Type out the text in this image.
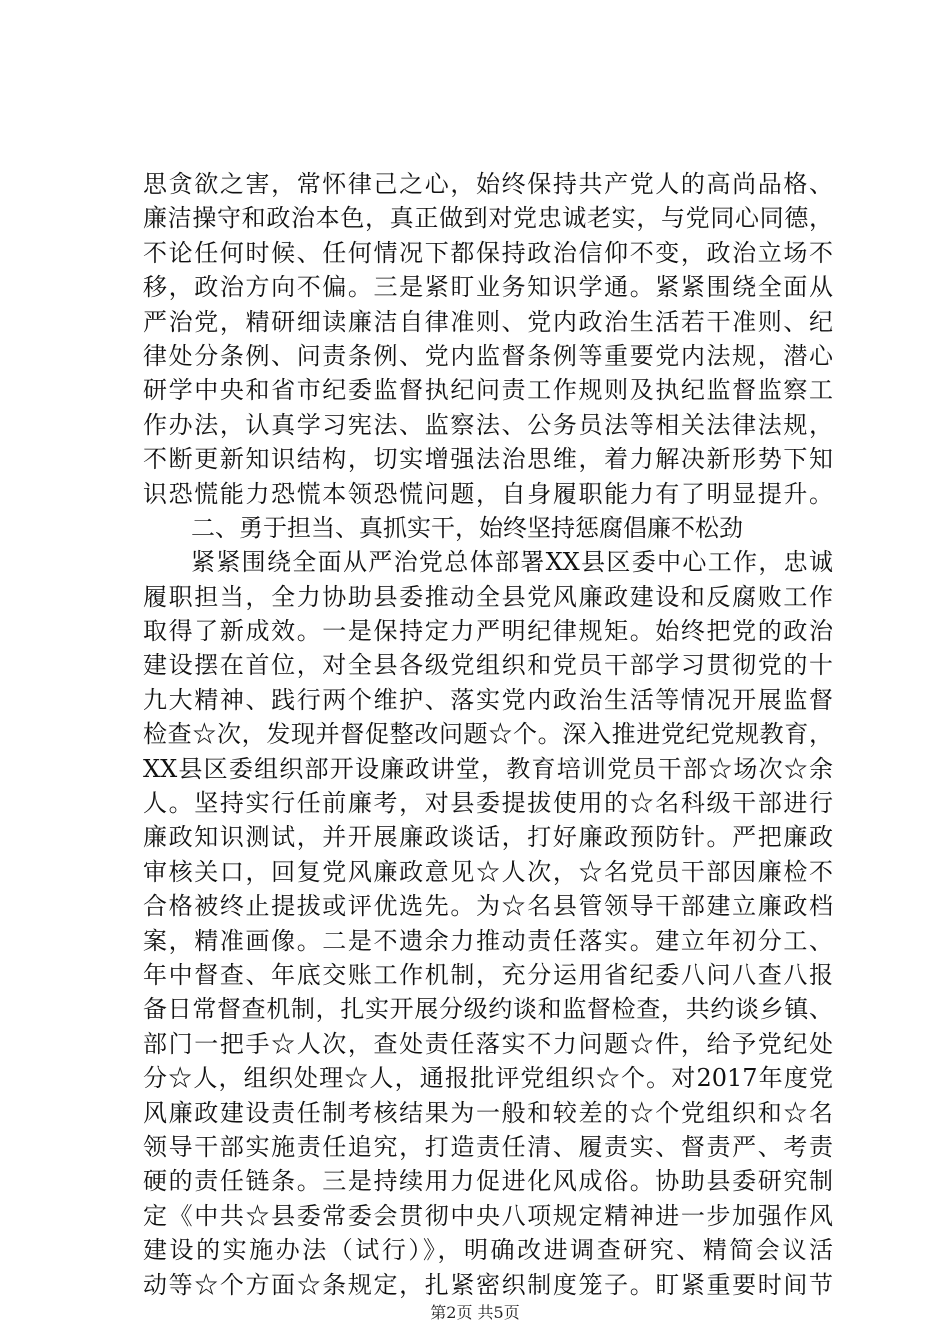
思贪欲之害，常怀律己之心，始终保持共产党人的高尚品格、
廉洁操守和政治本色，真正做到对党忠诚老实，与党同心同德，
不论任何时候、任何情况下都保持政治信仰不变，政治立场不
移，政治方向不偏。三是紧盯业务知识学通。紧紧围绕全面从
严治党，精研细读廉洁自律准则、党内政治生活若干准则、纪
律处分条例、问责条例、党内监督条例等重要党内法规，潜心
研学中央和省市纪委监督执纪问责工作规则及执纪监督监察工
作办法，认真学习宪法、监察法、公务员法等相关法律法规，
不断更新知识结构，切实增强法治思维，着力解决新形势下知
识恐慌能力恐慌本领恐慌问题，自身履职能力有了明显提升。
二、勇于担当、真抓实干，始终坚持惩腐倡廉不松劲
紧紧围绕全面从严治党总体部署XX县区委中心工作，忠诚
履职担当，全力协助县委推动全县党风廉政建设和反腐败工作
取得了新成效。一是保持定力严明纪律规矩。始终把党的政治
建设摆在首位，对全县各级党组织和党员干部学习贯彻党的十
九大精神、践行两个维护、落实党内政治生活等情况开展监督
检查☆次，发现并督促整改问题☆个。深入推进党纪党规教育，
XX县区委组织部开设廉政讲堂，教育培训党员干部☆场次☆余
人。坚持实行任前廉考，对县委提拔使用的☆名科级干部进行
廉政知识测试，并开展廉政谈话，打好廉政预防针。严把廉政
审核关口，回复党风廉政意见☆人次，☆名党员干部因廉检不
合格被终止提拔或评优选先。为☆名县管领导干部建立廉政档
案，精准画像。二是不遗余力推动责任落实。建立年初分工、
年中督查、年底交账工作机制，充分运用省纪委八问八查八报
备日常督查机制，扎实开展分级约谈和监督检查，共约谈乡镇、
部门一把手☆人次，查处责任落实不力问题☆件，给予党纪处
分☆人，组织处理☆人，通报批评党组织☆个。对2017年度党
风廉政建设责任制考核结果为一般和较差的☆个党组织和☆名
领导干部实施责任追究，打造责任清、履责实、督责严、考责
硬的责任链条。三是持续用力促进化风成俗。协助县委研究制
定《中共☆县委常委会贯彻中央八项规定精神进一步加强作风
建设的实施办法（试行）》，明确改进调查研究、精简会议活
动等☆个方面☆条规定，扎紧密织制度笼子。盯紧重要时间节
第2页 共5页
